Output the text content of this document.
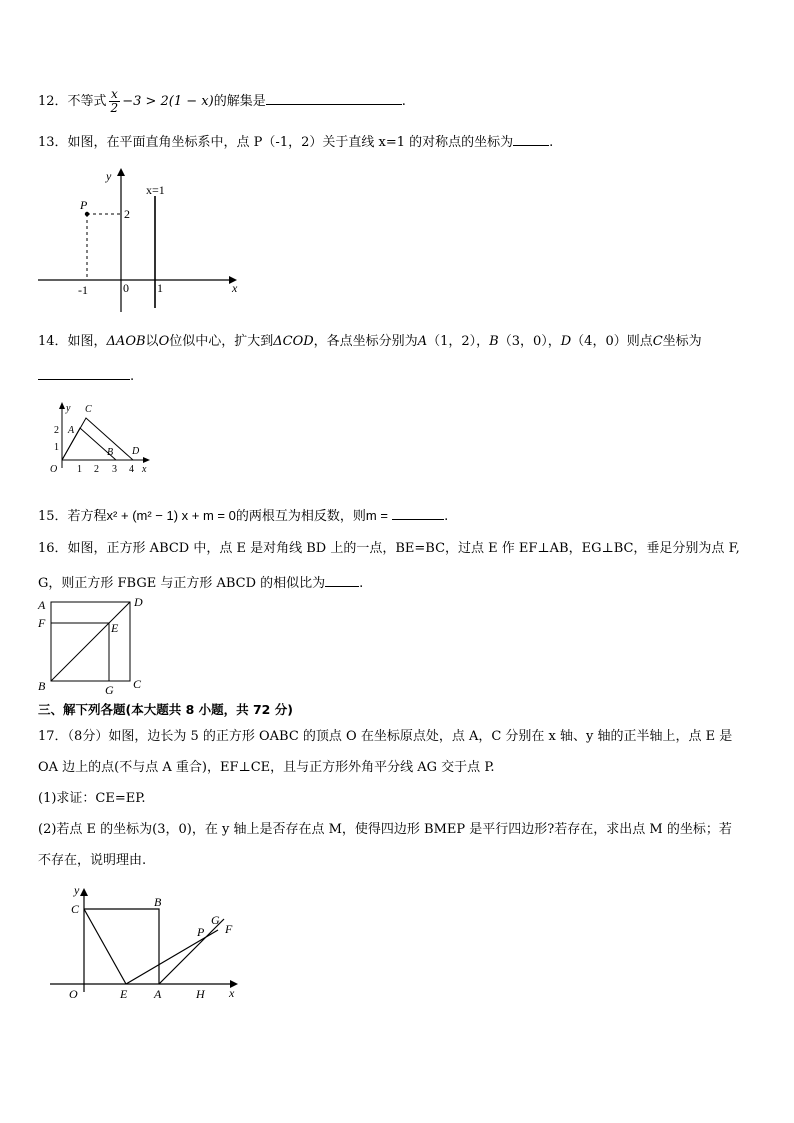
12．不等式 $\frac{x}{2} -3 > 2(1 - x)$的解集是	.
13．如图，在平面直角坐标系中，点 P（-1，2）关于直线 x=1 的对称点的坐标为	.
y
x
P
2
x=1
-1	0 1
14．如图，ΔAOB以O位似中心，扩大到ΔCOD，各点坐标分别为A（1，2），B（3，0），D（4，0）则点C坐标为
.
y C
A
2
1
O 1 2 3 4 x
B D
15．若方程x² + (m² − 1) x + m = 0的两根互为相反数，则m =	.
16．如图，正方形 ABCD 中，点 E 是对角线 BD 上的一点，BE=BC，过点 E 作 EF⊥AB，EG⊥BC，垂足分别为点 F,
G，则正方形 FBGE 与正方形 ABCD 的相似比为	.
A	D
F	E
B	G C
三、解下列各题(本大题共 8 小题，共 72 分)
17．（8分）如图，边长为 5 的正方形 OABC 的顶点 O 在坐标原点处，点 A，C 分别在 x 轴、y 轴的正半轴上，点 E 是
OA 边上的点(不与点 A 重合)，EF⊥CE，且与正方形外角平分线 AG 交于点 P.
(1)求证：CE=EP.
(2)若点 E 的坐标为(3，0)，在 y 轴上是否存在点 M，使得四边形 BMEP 是平行四边形?若存在，求出点 M 的坐标；若
不存在，说明理由.
y
C	B
G
P F
O	E A	H x
